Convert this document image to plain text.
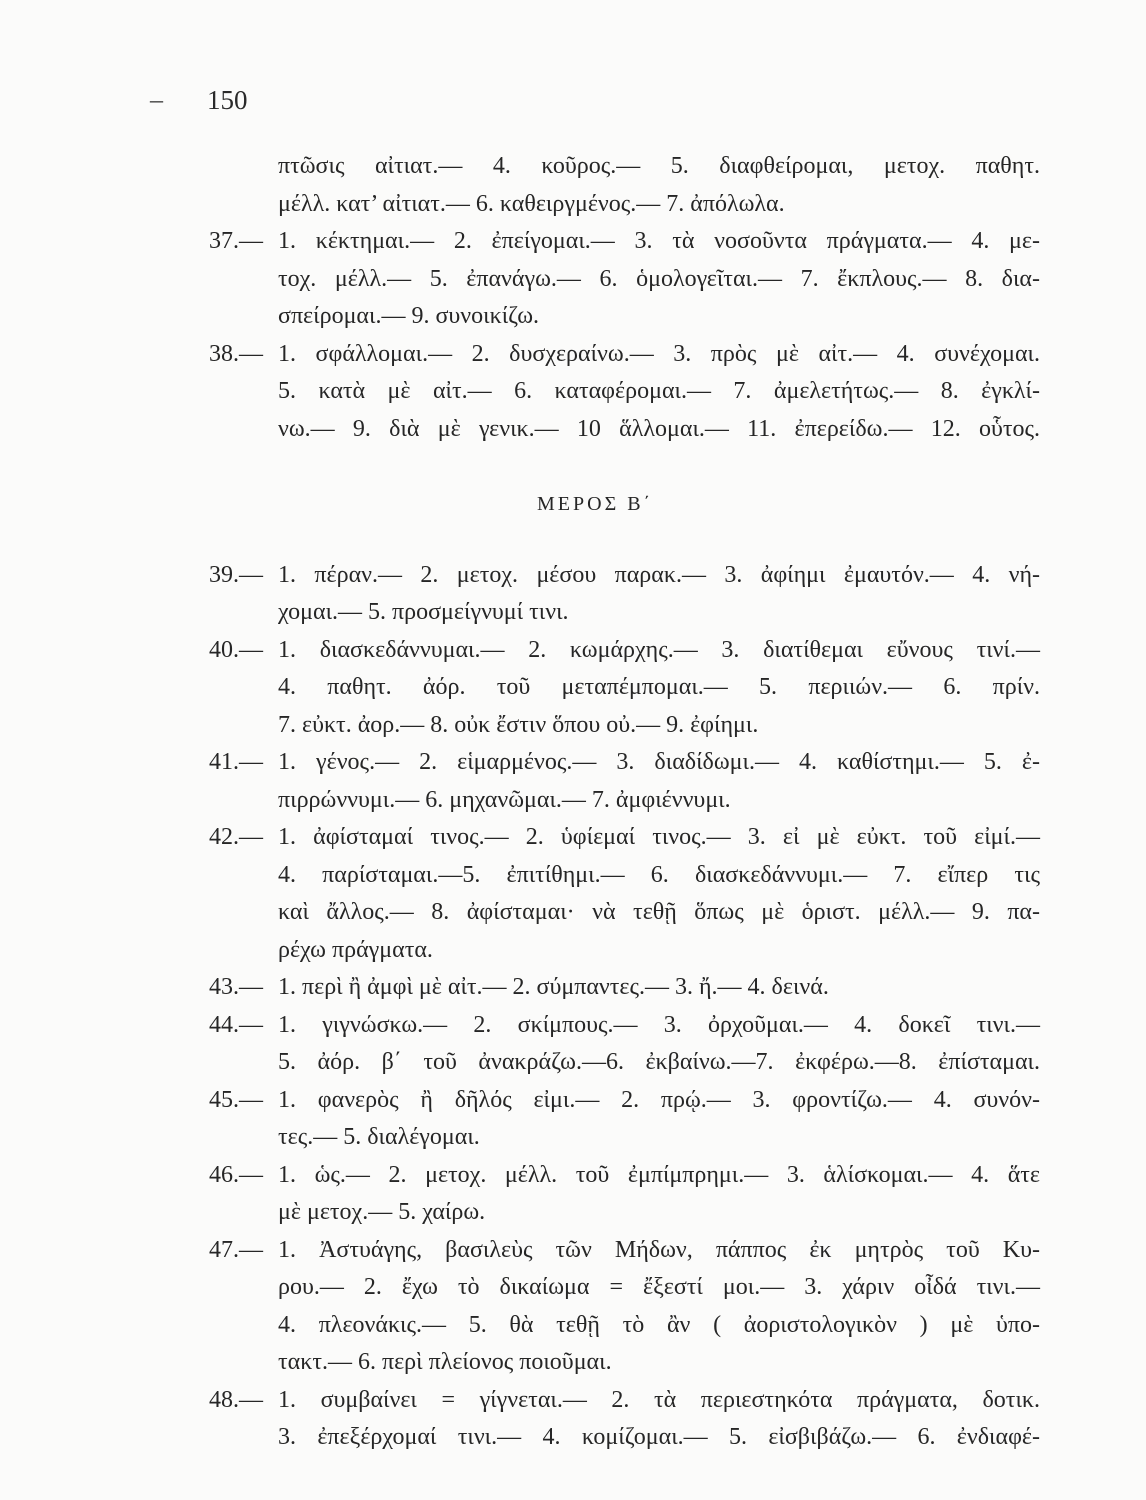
– 150
πτῶσις αἰτιατ.— 4. κοῦρος.— 5. διαφθείρομαι, μετοχ. παθητ.
μέλλ. κατ’ αἰτιατ.— 6. καθειργμένος.— 7. ἀπόλωλα.
37.— 1. κέκτημαι.— 2. ἐπείγομαι.— 3. τὰ νοσοῦντα πράγματα.— 4. με-
τοχ. μέλλ.— 5. ἐπανάγω.— 6. ὁμολογεῖται.— 7. ἔκπλους.— 8. δια-
σπείρομαι.— 9. συνοικίζω.
38.— 1. σφάλλομαι.— 2. δυσχεραίνω.— 3. πρὸς μὲ αἰτ.— 4. συνέχομαι.
5. κατὰ μὲ αἰτ.— 6. καταφέρομαι.— 7. ἀμελετήτως.— 8. ἐγκλί-
νω.— 9. διὰ μὲ γενικ.— 10 ἅλλομαι.— 11. ἐπερείδω.— 12. οὗτος.
ΜΕΡΟΣ Β΄
39.— 1. πέραν.— 2. μετοχ. μέσου παρακ.— 3. ἀφίημι ἐμαυτόν.— 4. νή-
χομαι.— 5. προσμείγνυμί τινι.
40.— 1. διασκεδάννυμαι.— 2. κωμάρχης.— 3. διατίθεμαι εὔνους τινί.—
4. παθητ. ἀόρ. τοῦ μεταπέμπομαι.— 5. περιιών.— 6. πρίν.
7. εὐκτ. ἀορ.— 8. οὐκ ἔστιν ὅπου οὐ.— 9. ἐφίημι.
41.— 1. γένος.— 2. εἱμαρμένος.— 3. διαδίδωμι.— 4. καθίστημι.— 5. ἐ-
πιρρώννυμι.— 6. μηχανῶμαι.— 7. ἀμφιέννυμι.
42.— 1. ἀφίσταμαί τινος.— 2. ὑφίεμαί τινος.— 3. εἰ μὲ εὐκτ. τοῦ εἰμί.—
4. παρίσταμαι.—5. ἐπιτίθημι.— 6. διασκεδάννυμι.— 7. εἴπερ τις
καὶ ἄλλος.— 8. ἀφίσταμαι· νὰ τεθῇ ὅπως μὲ ὁριστ. μέλλ.— 9. πα-
ρέχω πράγματα.
43.— 1. περὶ ἢ ἀμφὶ μὲ αἰτ.— 2. σύμπαντες.— 3. ἤ.— 4. δεινά.
44.— 1. γιγνώσκω.— 2. σκίμπους.— 3. ὀρχοῦμαι.— 4. δοκεῖ τινι.—
5. ἀόρ. β΄ τοῦ ἀνακράζω.—6. ἐκβαίνω.—7. ἐκφέρω.—8. ἐπίσταμαι.
45.— 1. φανερὸς ἢ δῆλός εἰμι.— 2. πρῴ.— 3. φροντίζω.— 4. συνόν-
τες.— 5. διαλέγομαι.
46.— 1. ὡς.— 2. μετοχ. μέλλ. τοῦ ἐμπίμπρημι.— 3. ἁλίσκομαι.— 4. ἅτε
μὲ μετοχ.— 5. χαίρω.
47.— 1. Ἀστυάγης, βασιλεὺς τῶν Μήδων, πάππος ἐκ μητρὸς τοῦ Κυ-
ρου.— 2. ἔχω τὸ δικαίωμα = ἔξεστί μοι.— 3. χάριν οἶδά τινι.—
4. πλεονάκις.— 5. θὰ τεθῇ τὸ ἂν ( ἀοριστολογικὸν ) μὲ ὑπο-
τακτ.— 6. περὶ πλείονος ποιοῦμαι.
48.— 1. συμβαίνει = γίγνεται.— 2. τὰ περιεστηκότα πράγματα, δοτικ.
3. ἐπεξέρχομαί τινι.— 4. κομίζομαι.— 5. εἰσβιβάζω.— 6. ἐνδιαφέ-
